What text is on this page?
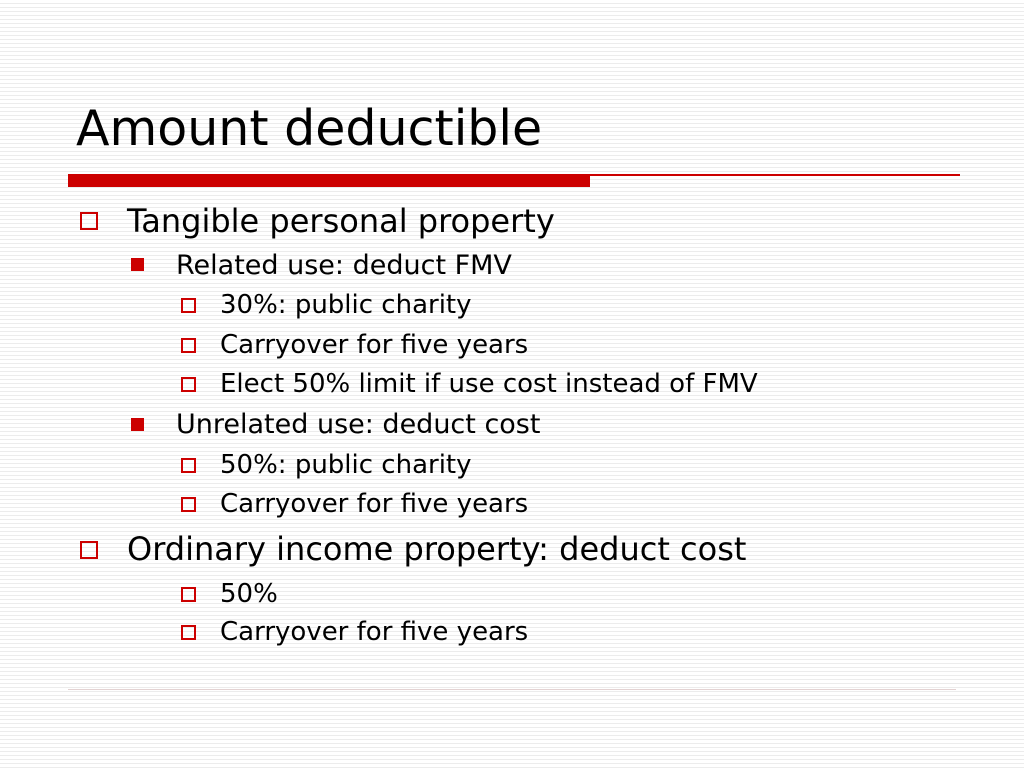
Amount deductible
Tangible personal property
Related use: deduct FMV
30%: public charity
Carryover for five years
Elect 50% limit if use cost instead of FMV
Unrelated use: deduct cost
50%: public charity
Carryover for five years
Ordinary income property: deduct cost
50%
Carryover for five years
